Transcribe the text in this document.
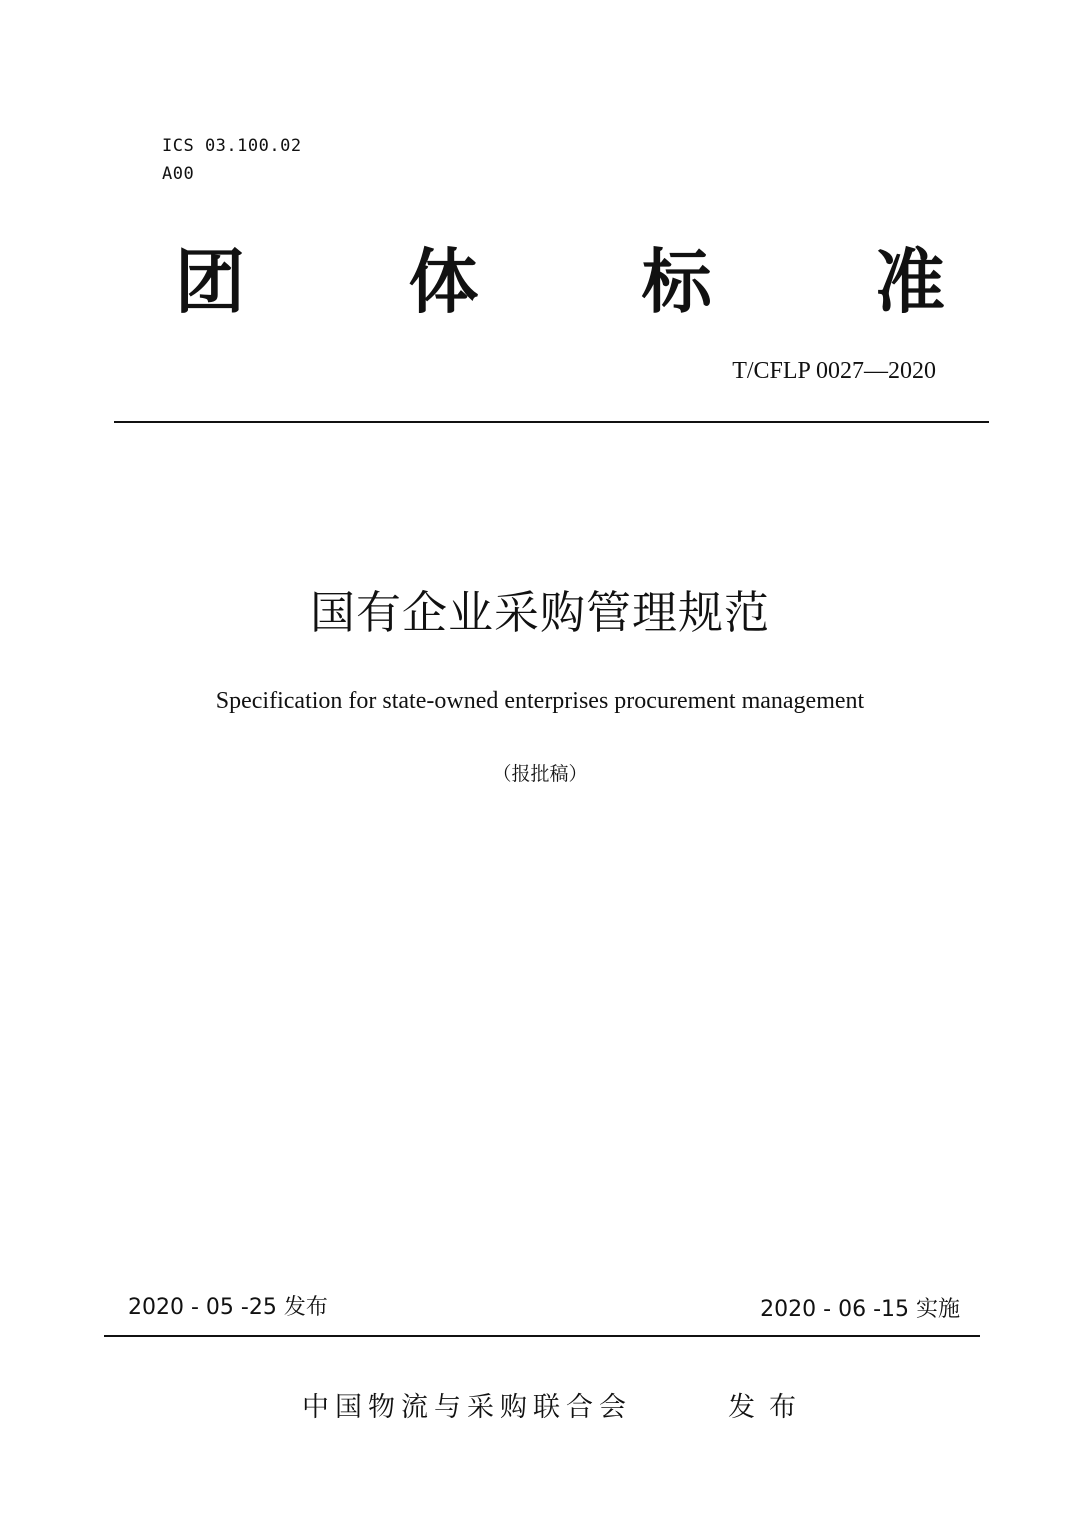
ICS 03.100.02
A00
团	体	标	准
T/CFLP 0027—2020
国有企业采购管理规范
Specification for state-owned enterprises procurement management
（报批稿）
2020 - 05 -25 发布	2020 - 06 -15 实施
中国物流与采购联合会	发布
